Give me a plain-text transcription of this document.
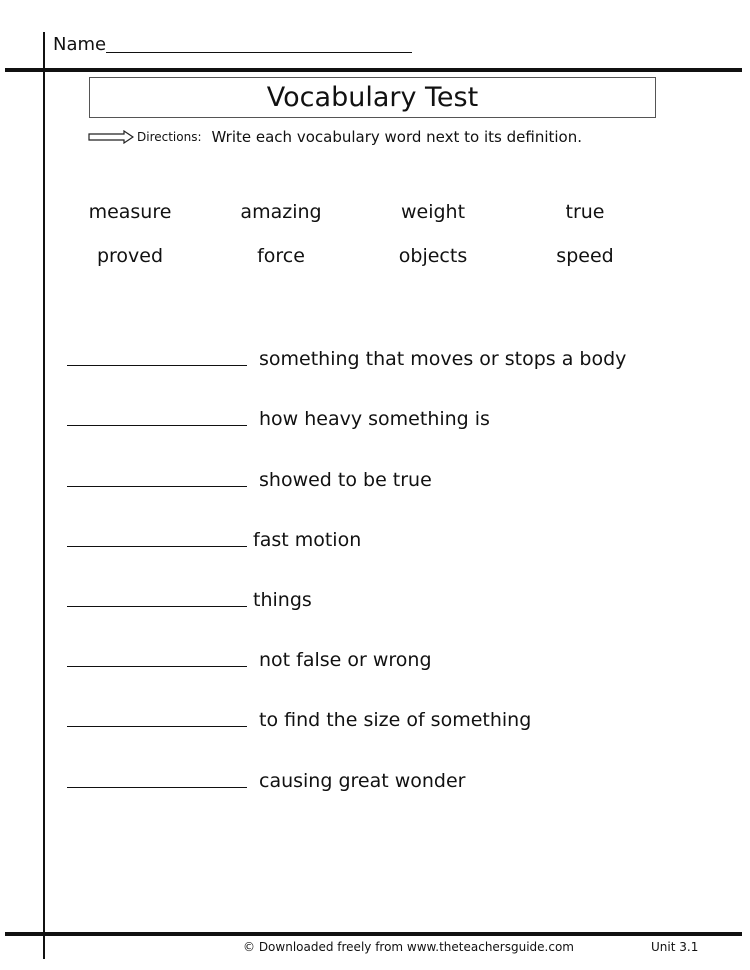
Name
Vocabulary Test
Directions: Write each vocabulary word next to its definition.
measure	amazing	weight	true
proved	force	objects	speed
something that moves or stops a body
how heavy something is
showed to be true
fast motion
things
not false or wrong
to find the size of something
causing great wonder
© Downloaded freely from www.theteachersguide.com	Unit 3.1
